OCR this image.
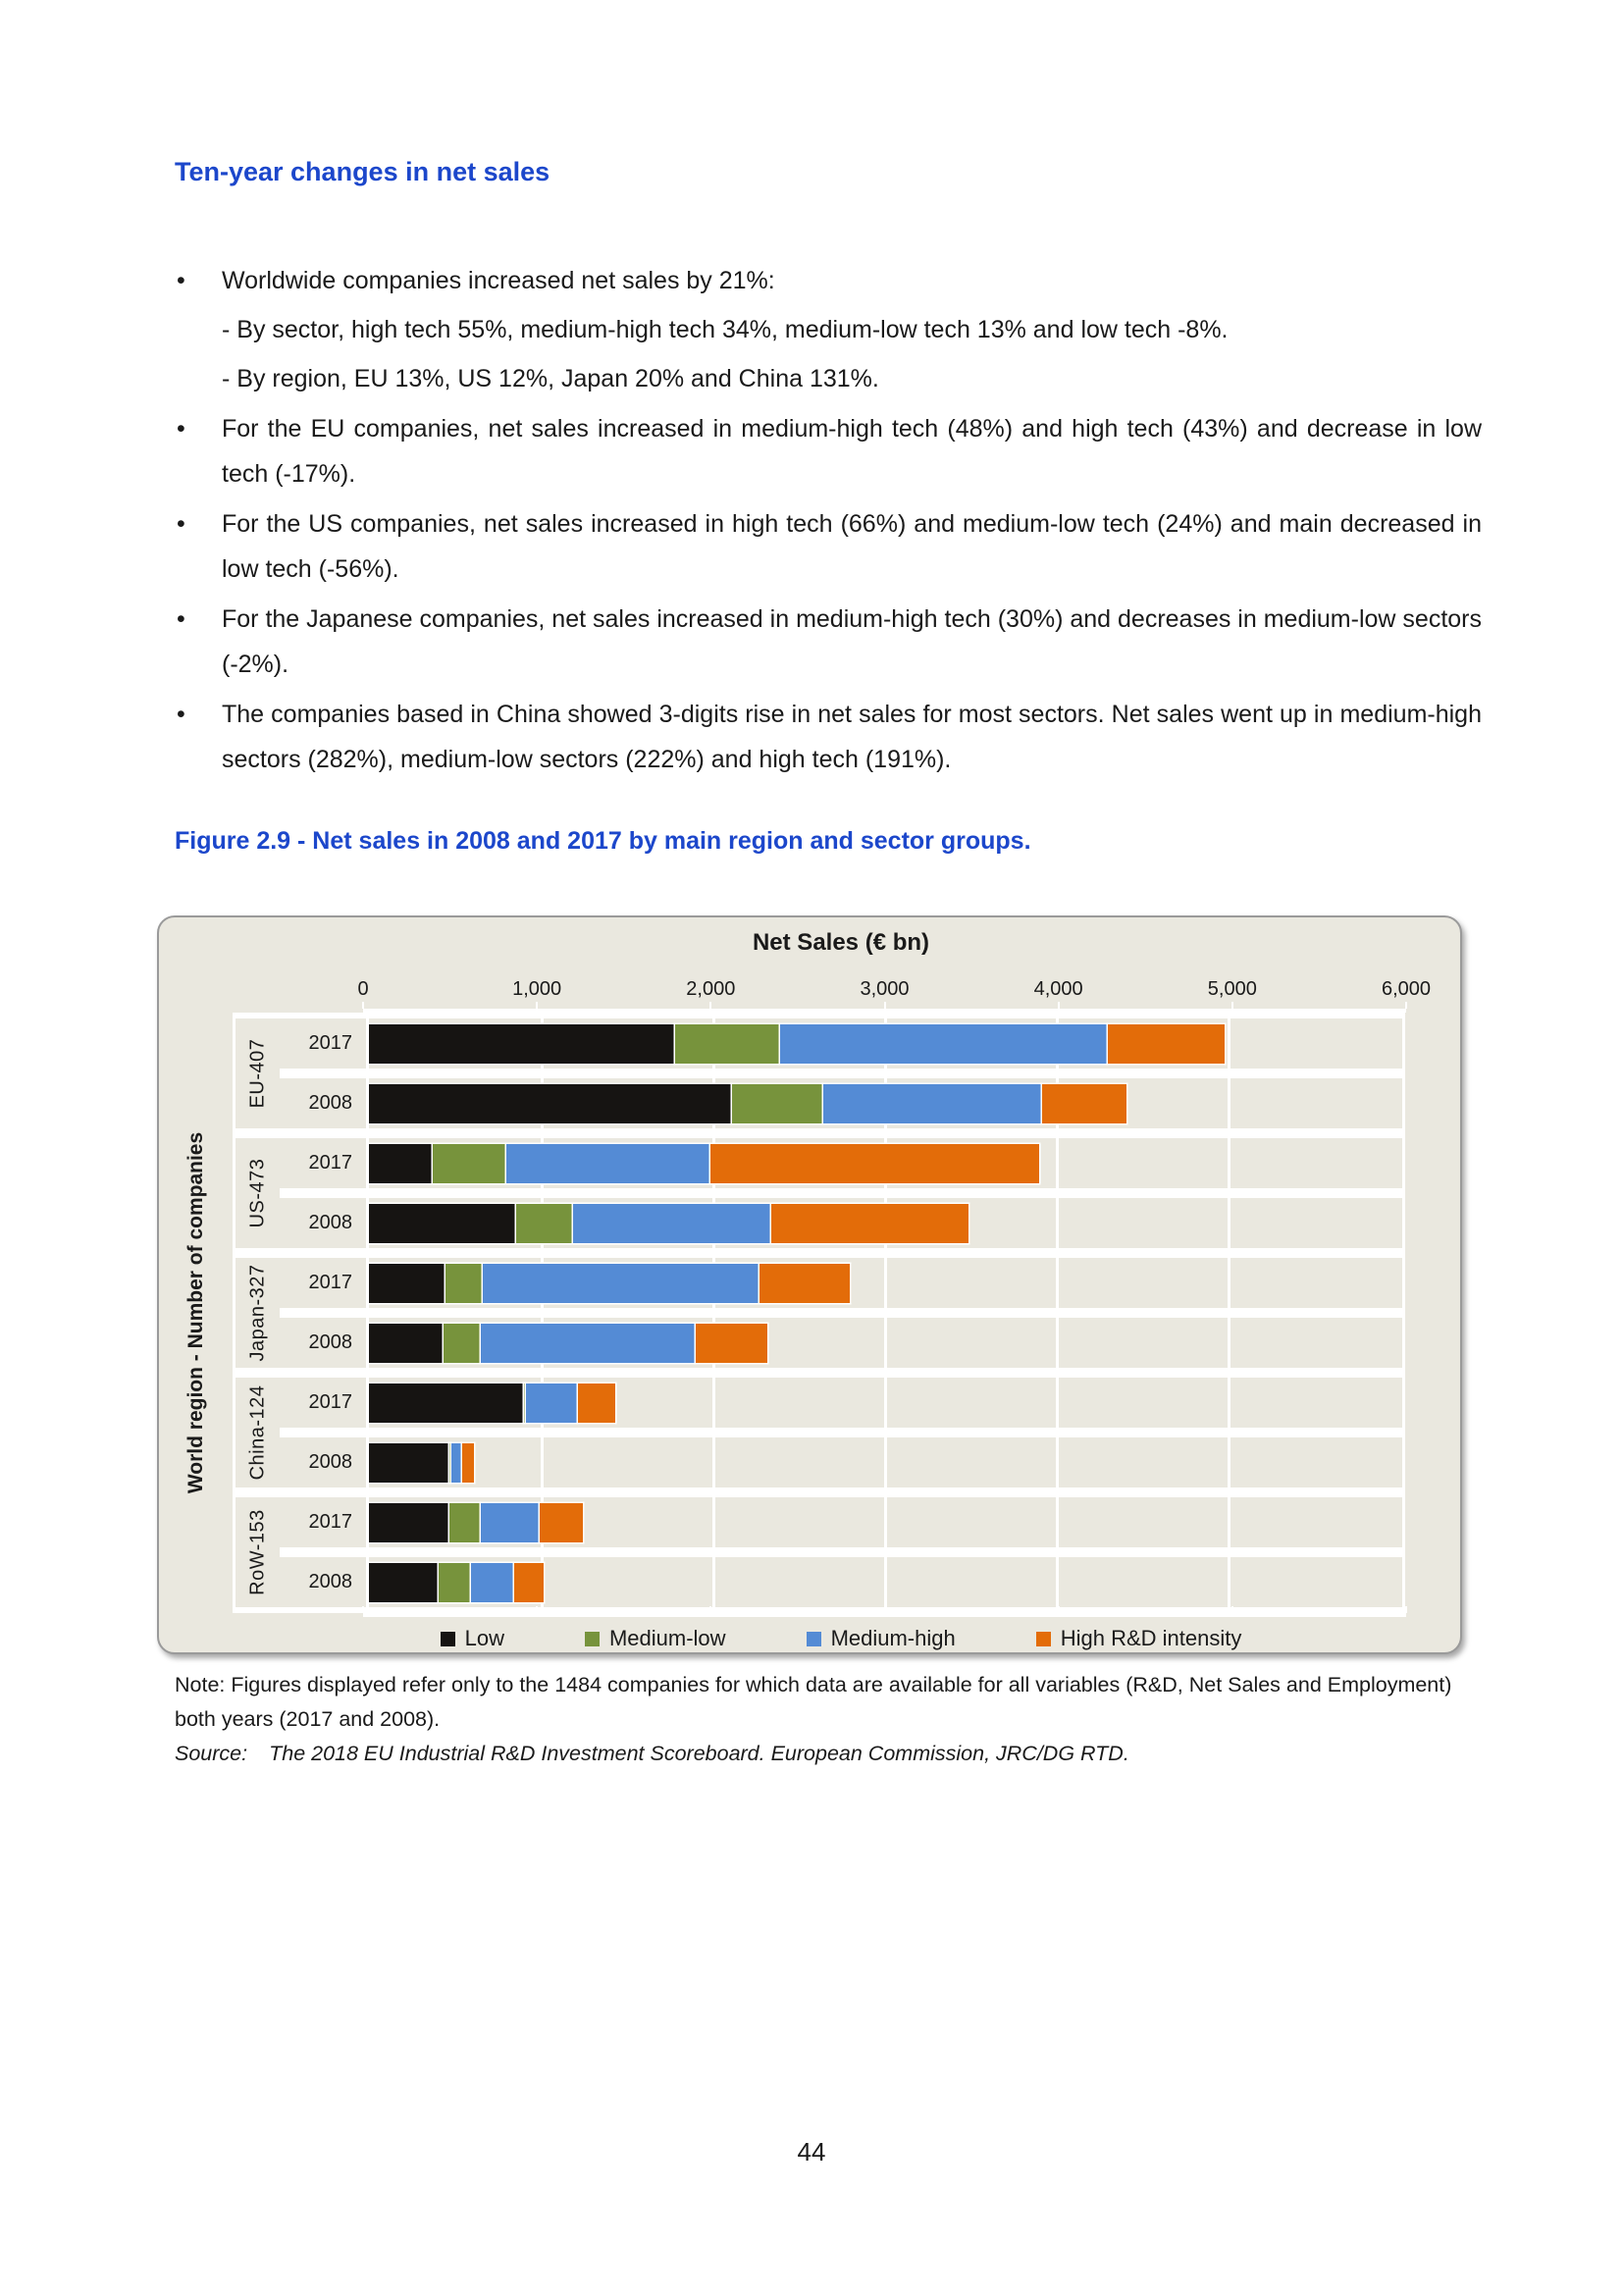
Ten-year changes in net sales
•	Worldwide companies increased net sales by 21%:
- By sector, high tech 55%, medium-high tech 34%, medium-low tech 13% and low tech -8%.
- By region, EU 13%, US 12%, Japan 20% and China 131%.
•	For the EU companies, net sales increased in medium-high tech (48%) and high tech (43%) and decrease in low tech (-17%).
•	For the US companies, net sales increased in high tech (66%) and medium-low tech (24%) and main decreased in low tech (-56%).
•	For the Japanese companies, net sales increased in medium-high tech (30%) and decreases in medium-low sectors (-2%).
•	The companies based in China showed 3-digits rise in net sales for most sectors. Net sales went up in medium-high sectors (282%), medium-low sectors (222%) and high tech (191%).
Figure 2.9 - Net sales in 2008 and 2017 by main region and sector groups.
Net Sales (€ bn)
0	1,000	2,000	3,000	4,000	5,000	6,000
World region - Number of companies
EU-407	2017
2008
US-473	2017
2008
Japan-327	2017
2008
China-124	2017
2008
RoW-153	2017
2008
Low	Medium-low	Medium-high	High R&D intensity

Note: Figures displayed refer only to the 1484 companies for which data are available for all variables (R&D, Net Sales and Employment) both years (2017 and 2008).

Source: The 2018 EU Industrial R&D Investment Scoreboard. European Commission, JRC/DG RTD.

44
